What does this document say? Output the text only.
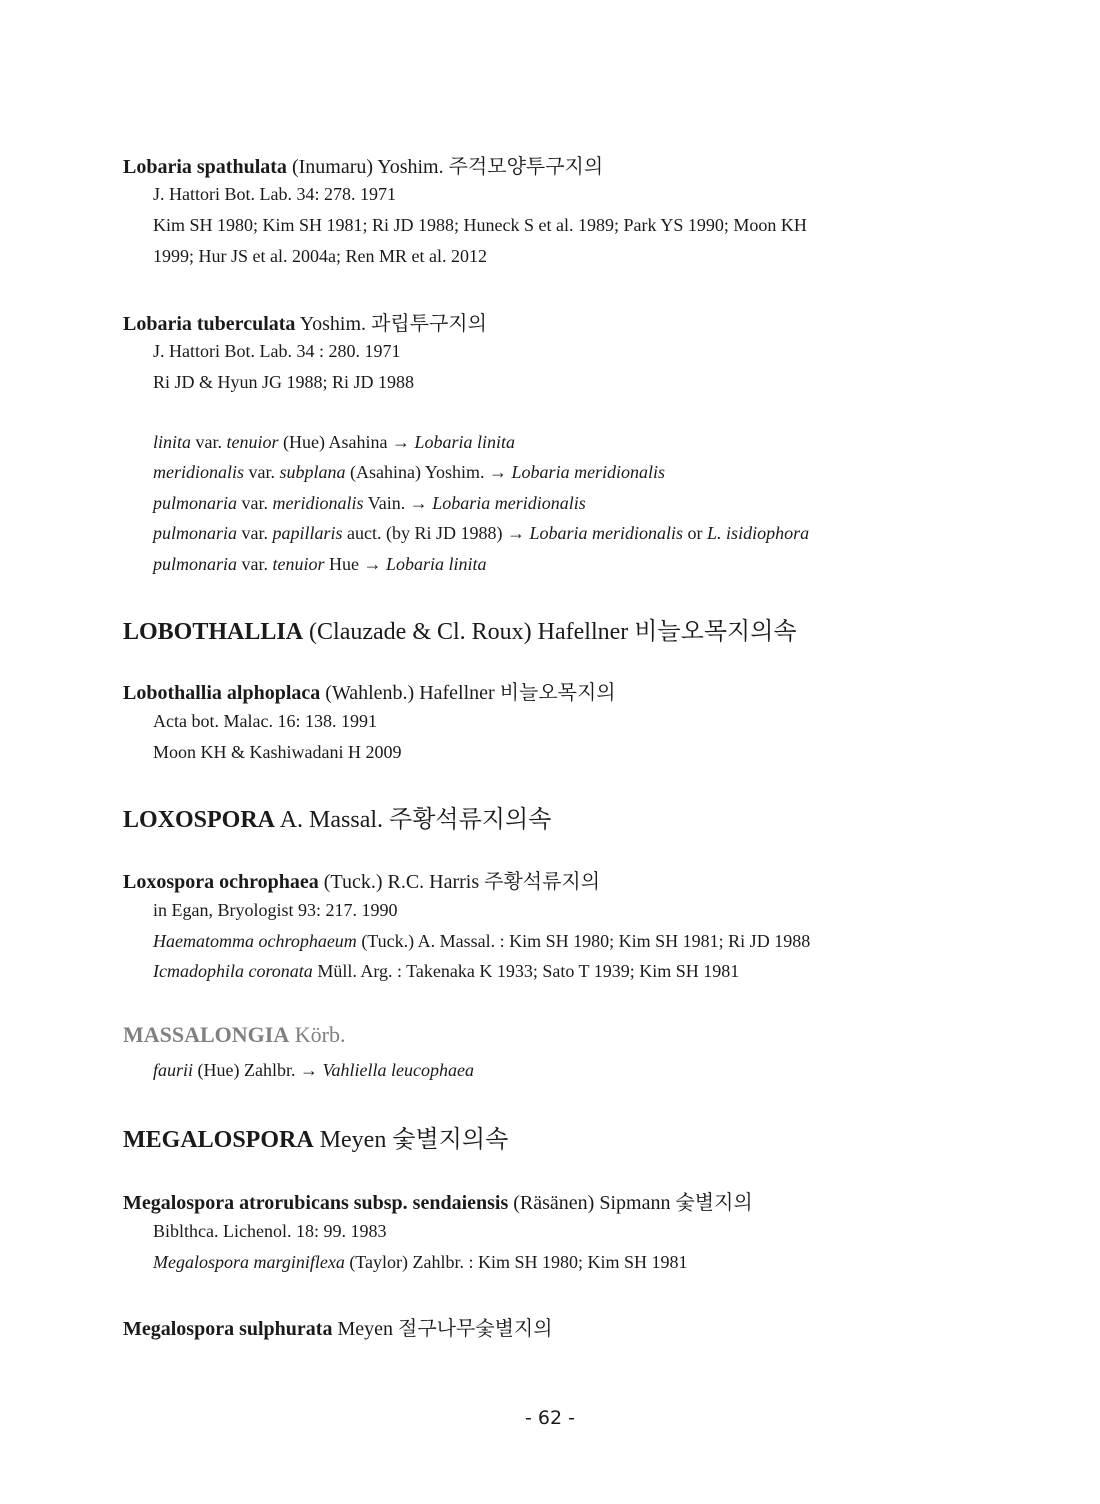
Lobaria spathulata (Inumaru) Yoshim. 주걱모양투구지의
J. Hattori Bot. Lab. 34: 278. 1971
Kim SH 1980; Kim SH 1981; Ri JD 1988; Huneck S et al. 1989; Park YS 1990; Moon KH
1999; Hur JS et al. 2004a; Ren MR et al. 2012
Lobaria tuberculata Yoshim. 과립투구지의
J. Hattori Bot. Lab. 34 : 280. 1971
Ri JD & Hyun JG 1988; Ri JD 1988
linita var. tenuior (Hue) Asahina → Lobaria linita
meridionalis var. subplana (Asahina) Yoshim. → Lobaria meridionalis
pulmonaria var. meridionalis Vain. → Lobaria meridionalis
pulmonaria var. papillaris auct. (by Ri JD 1988) → Lobaria meridionalis or L. isidiophora
pulmonaria var. tenuior Hue → Lobaria linita
LOBOTHALLIA (Clauzade & Cl. Roux) Hafellner 비늘오목지의속
Lobothallia alphoplaca (Wahlenb.) Hafellner 비늘오목지의
Acta bot. Malac. 16: 138. 1991
Moon KH & Kashiwadani H 2009
LOXOSPORA A. Massal. 주황석류지의속
Loxospora ochrophaea (Tuck.) R.C. Harris 주황석류지의
in Egan, Bryologist 93: 217. 1990
Haematomma ochrophaeum (Tuck.) A. Massal. : Kim SH 1980; Kim SH 1981; Ri JD 1988
Icmadophila coronata Müll. Arg. : Takenaka K 1933; Sato T 1939; Kim SH 1981
MASSALONGIA Körb.
faurii (Hue) Zahlbr. → Vahliella leucophaea
MEGALOSPORA Meyen 숯별지의속
Megalospora atrorubicans subsp. sendaiensis (Räsänen) Sipmann 숯별지의
Biblthca. Lichenol. 18: 99. 1983
Megalospora marginiflexa (Taylor) Zahlbr. : Kim SH 1980; Kim SH 1981
Megalospora sulphurata Meyen 절구나무숯별지의
- 62 -
